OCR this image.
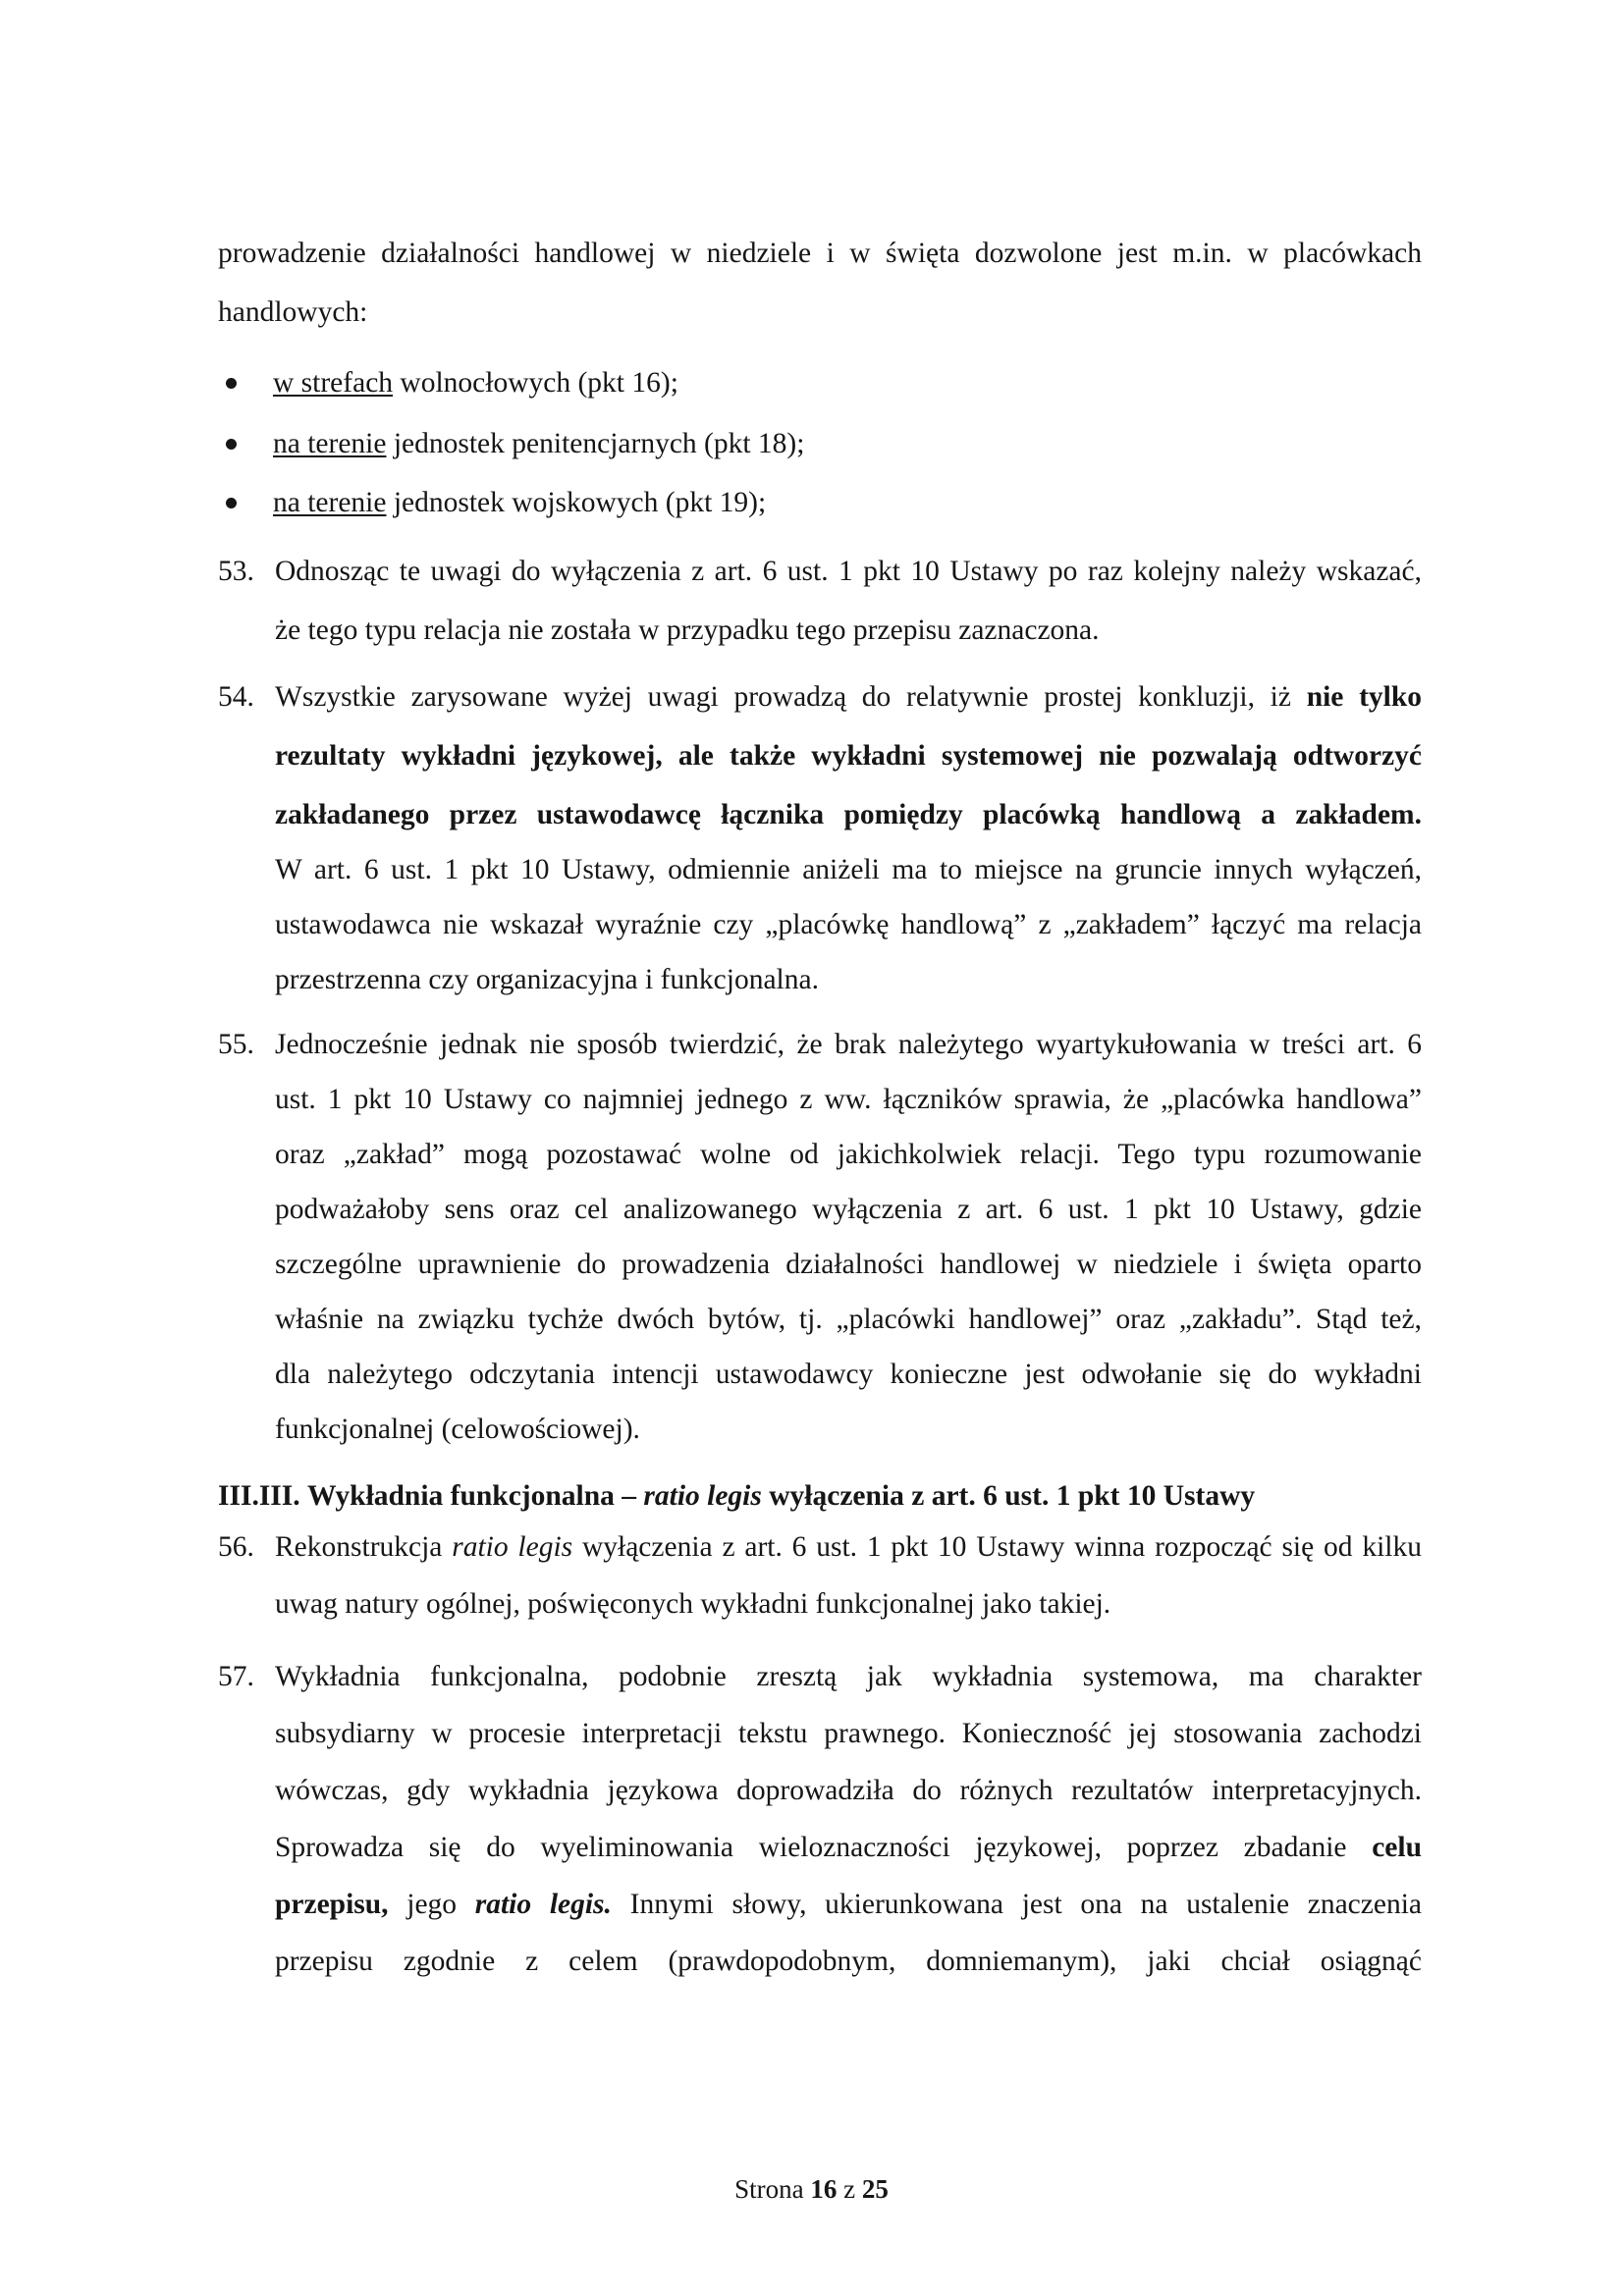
prowadzenie działalności handlowej w niedziele i w święta dozwolone jest m.in. w placówkach
handlowych:
w strefach wolnocłowych (pkt 16);
na terenie jednostek penitencjarnych (pkt 18);
na terenie jednostek wojskowych (pkt 19);
53. Odnosząc te uwagi do wyłączenia z art. 6 ust. 1 pkt 10 Ustawy po raz kolejny należy wskazać,
że tego typu relacja nie została w przypadku tego przepisu zaznaczona.
54. Wszystkie zarysowane wyżej uwagi prowadzą do relatywnie prostej konkluzji, iż nie tylko
rezultaty wykładni językowej, ale także wykładni systemowej nie pozwalają odtworzyć
zakładanego przez ustawodawcę łącznika pomiędzy placówką handlową a zakładem.
W art. 6 ust. 1 pkt 10 Ustawy, odmiennie aniżeli ma to miejsce na gruncie innych wyłączeń,
ustawodawca nie wskazał wyraźnie czy „placówkę handlową” z „zakładem” łączyć ma relacja
przestrzenna czy organizacyjna i funkcjonalna.
55. Jednocześnie jednak nie sposób twierdzić, że brak należytego wyartykułowania w treści art. 6
ust. 1 pkt 10 Ustawy co najmniej jednego z ww. łączników sprawia, że „placówka handlowa”
oraz „zakład” mogą pozostawać wolne od jakichkolwiek relacji. Tego typu rozumowanie
podważałoby sens oraz cel analizowanego wyłączenia z art. 6 ust. 1 pkt 10 Ustawy, gdzie
szczególne uprawnienie do prowadzenia działalności handlowej w niedziele i święta oparto
właśnie na związku tychże dwóch bytów, tj. „placówki handlowej” oraz „zakładu”. Stąd też,
dla należytego odczytania intencji ustawodawcy konieczne jest odwołanie się do wykładni
funkcjonalnej (celowościowej).
III.III. Wykładnia funkcjonalna – ratio legis wyłączenia z art. 6 ust. 1 pkt 10 Ustawy
56. Rekonstrukcja ratio legis wyłączenia z art. 6 ust. 1 pkt 10 Ustawy winna rozpocząć się od kilku
uwag natury ogólnej, poświęconych wykładni funkcjonalnej jako takiej.
57. Wykładnia funkcjonalna, podobnie zresztą jak wykładnia systemowa, ma charakter
subsydiarny w procesie interpretacji tekstu prawnego. Konieczność jej stosowania zachodzi
wówczas, gdy wykładnia językowa doprowadziła do różnych rezultatów interpretacyjnych.
Sprowadza się do wyeliminowania wieloznaczności językowej, poprzez zbadanie celu
przepisu, jego ratio legis. Innymi słowy, ukierunkowana jest ona na ustalenie znaczenia
przepisu zgodnie z celem (prawdopodobnym, domniemanym), jaki chciał osiągnąć
Strona 16 z 25
